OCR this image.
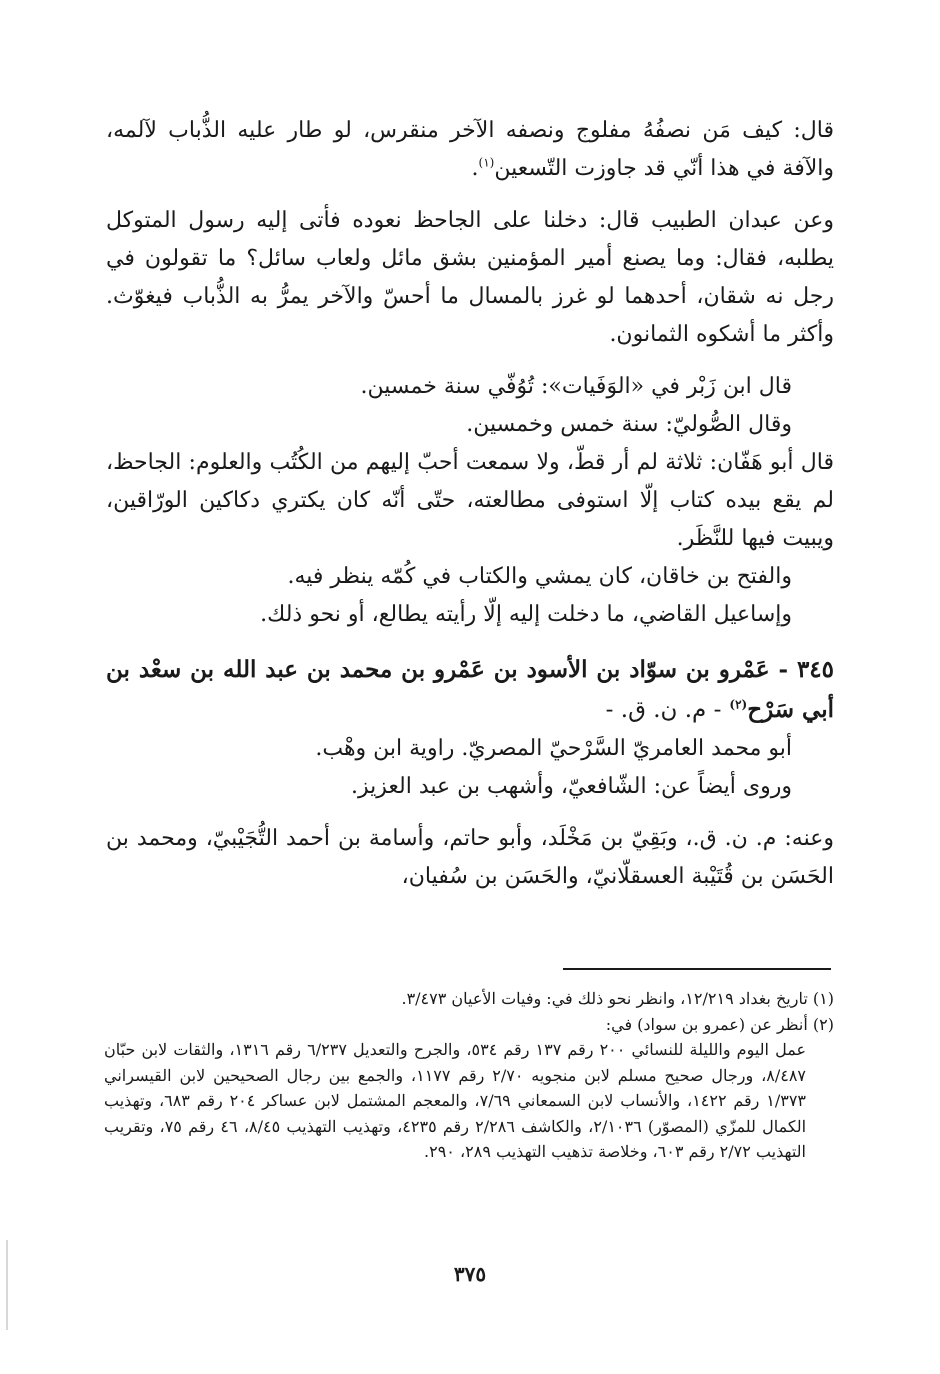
قال: كيف مَن نصفُهُ مفلوج ونصفه الآخر منقرس، لو طار عليه الذُّباب لآلمه، والآفة في هذا أنّي قد جاوزت التّسعين$^{(١)}$.

وعن عبدان الطبيب قال: دخلنا على الجاحظ نعوده فأتى إليه رسول المتوكل يطلبه، فقال: وما يصنع أمير المؤمنين بشق مائل ولعاب سائل؟ ما تقولون في رجل نه شقان، أحدهما لو غرز بالمسال ما أحسّ والآخر يمرُّ به الذُّباب فيغوّث. وأكثر ما أشكوه الثمانون.

قال ابن زَبْر في «الوَفَيات»: تُوُفّي سنة خمسين.

وقال الصُّوليّ: سنة خمس وخمسين.

قال أبو هَفّان: ثلاثة لم أر قطّ، ولا سمعت أحبّ إليهم من الكُتُب والعلوم: الجاحظ، لم يقع بيده كتاب إلّا استوفى مطالعته، حتّى أنّه كان يكتري دكاكين الورّاقين، ويبيت فيها للنَّظَر.

والفتح بن خاقان، كان يمشي والكتاب في كُمّه ينظر فيه.

وإساعيل القاضي، ما دخلت إليه إلّا رأيته يطالع، أو نحو ذلك.

٣٤٥ - عَمْرو بن سوّاد بن الأسود بن عَمْرو بن محمد بن عبد الله بن سعْد بن أبي سَرْح$^{(٢)}$ - م. ن. ق. -

أبو محمد العامريّ السَّرْحيّ المصريّ. راوية ابن وهْب.

وروى أيضاً عن: الشّافعيّ، وأشهب بن عبد العزيز.

وعنه: م. ن. ق.، وبَقِيّ بن مَخْلَد، وأبو حاتم، وأسامة بن أحمد التُّجَيْبيّ، ومحمد بن الحَسَن بن قُتَيْبة العسقلّانيّ، والحَسَن بن سُفيان،

(١) تاريخ بغداد ١٢/٢١٩، وانظر نحو ذلك في: وفيات الأعيان ٣/٤٧٣.

(٢) أنظر عن (عمرو بن سواد) في:

عمل اليوم والليلة للنسائي ٢٠٠ رقم ١٣٧ رقم ٥٣٤، والجرح والتعديل ٦/٢٣٧ رقم ١٣١٦، والثقات لابن حبّان ٨/٤٨٧، ورجال صحيح مسلم لابن منجويه ٢/٧٠ رقم ١١٧٧، والجمع بين رجال الصحيحين لابن القيسراني ١/٣٧٣ رقم ١٤٢٢، والأنساب لابن السمعاني ٧/٦٩، والمعجم المشتمل لابن عساكر ٢٠٤ رقم ٦٨٣، وتهذيب الكمال للمزّي (المصوّر) ٢/١٠٣٦، والكاشف ٢/٢٨٦ رقم ٤٢٣٥، وتهذيب التهذيب ٨/٤٥، ٤٦ رقم ٧٥، وتقريب التهذيب ٢/٧٢ رقم ٦٠٣، وخلاصة تذهيب التهذيب ٢٨٩، ٢٩٠.

٣٧٥
